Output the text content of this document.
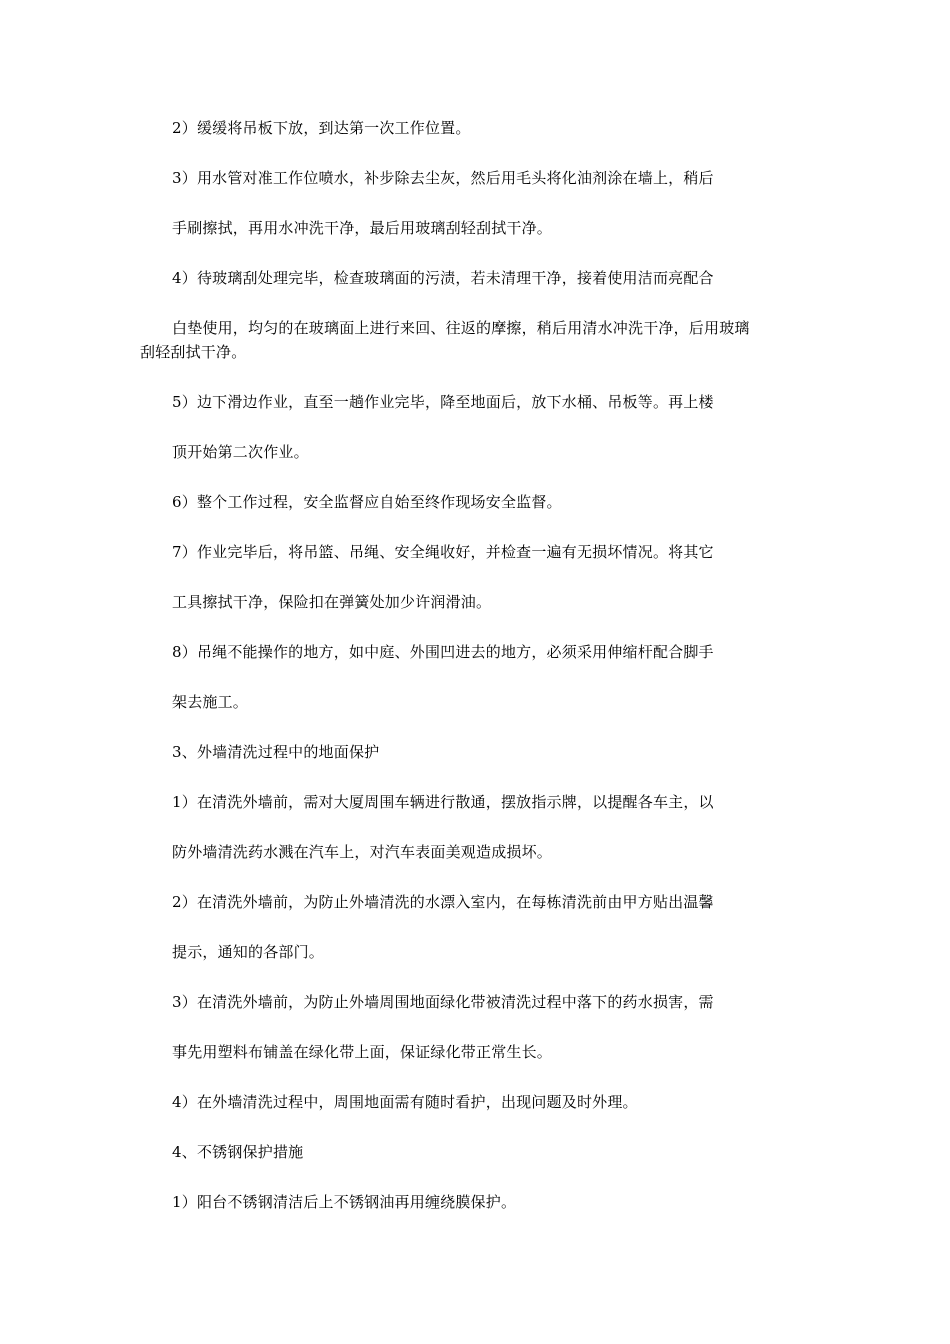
2）缓缓将吊板下放，到达第一次工作位置。
3）用水管对准工作位喷水，补步除去尘灰，然后用毛头将化油剂涂在墙上，稍后
手刷擦拭，再用水冲洗干净，最后用玻璃刮轻刮拭干净。
4）待玻璃刮处理完毕，检查玻璃面的污渍，若未清理干净，接着使用洁而亮配合
白垫使用，均匀的在玻璃面上进行来回、往返的摩擦，稍后用清水冲洗干净，后用玻璃
刮轻刮拭干净。
5）边下滑边作业，直至一趟作业完毕，降至地面后，放下水桶、吊板等。再上楼
顶开始第二次作业。
6）整个工作过程，安全监督应自始至终作现场安全监督。
7）作业完毕后，将吊篮、吊绳、安全绳收好，并检查一遍有无损坏情况。将其它
工具擦拭干净，保险扣在弹簧处加少许润滑油。
8）吊绳不能操作的地方，如中庭、外围凹进去的地方，必须采用伸缩杆配合脚手
架去施工。
3、外墙清洗过程中的地面保护
1）在清洗外墙前，需对大厦周围车辆进行散通，摆放指示牌，以提醒各车主，以
防外墙清洗药水溅在汽车上，对汽车表面美观造成损坏。
2）在清洗外墙前，为防止外墙清洗的水漂入室内，在每栋清洗前由甲方贴出温馨
提示，通知的各部门。
3）在清洗外墙前，为防止外墙周围地面绿化带被清洗过程中落下的药水损害，需
事先用塑料布铺盖在绿化带上面，保证绿化带正常生长。
4）在外墙清洗过程中，周围地面需有随时看护，出现问题及时外理。
4、不锈钢保护措施
1）阳台不锈钢清洁后上不锈钢油再用缠绕膜保护。
